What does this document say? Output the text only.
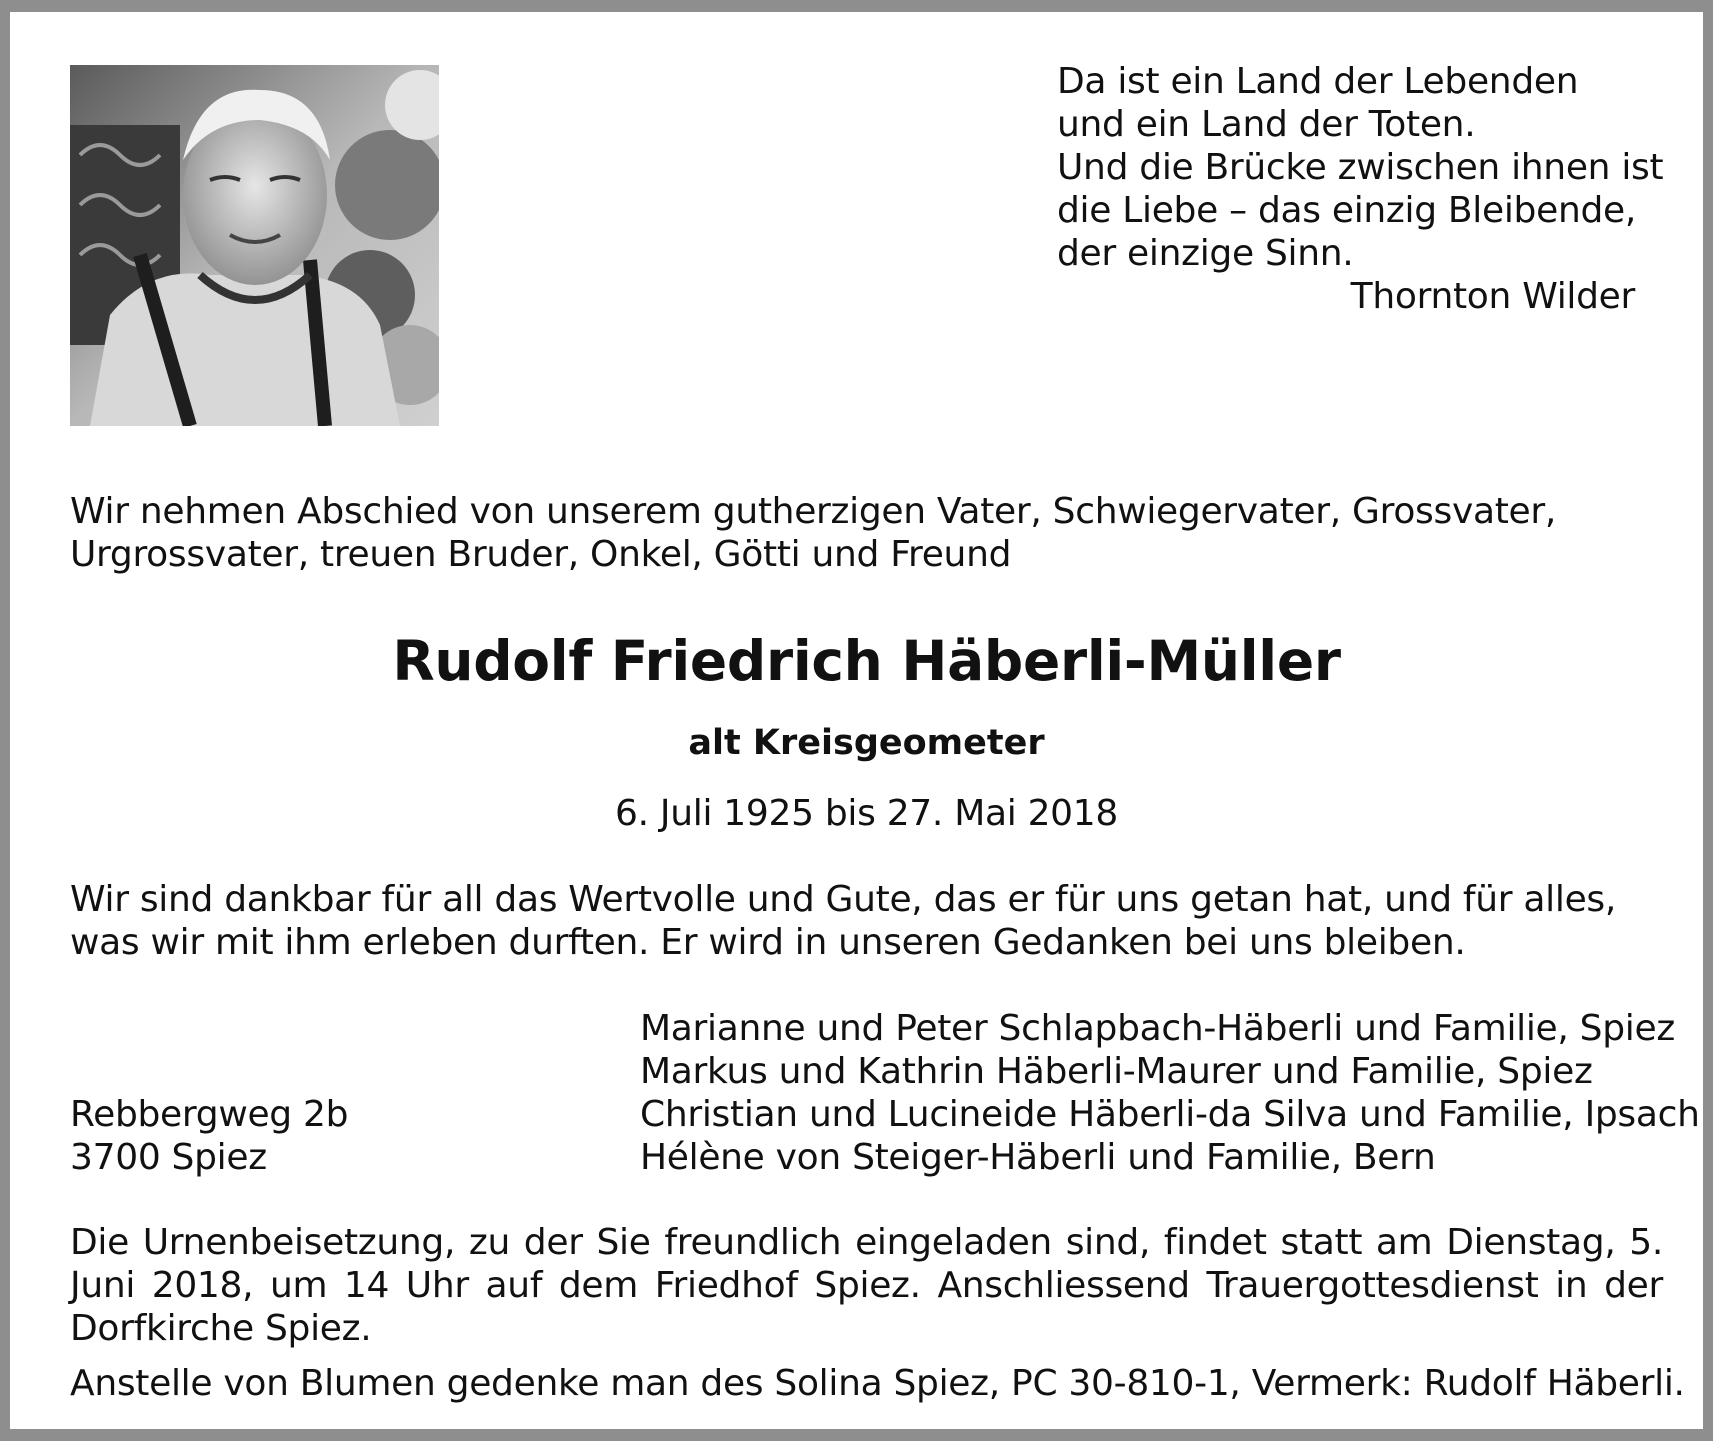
Da ist ein Land der Lebenden
und ein Land der Toten.
Und die Brücke zwischen ihnen ist
die Liebe – das einzig Bleibende,
der einzige Sinn.
Thornton Wilder
Wir nehmen Abschied von unserem gutherzigen Vater, Schwiegervater, Grossvater, Urgrossvater, treuen Bruder, Onkel, Götti und Freund
Rudolf Friedrich Häberli-Müller
alt Kreisgeometer
6. Juli 1925 bis 27. Mai 2018
Wir sind dankbar für all das Wertvolle und Gute, das er für uns getan hat, und für alles, was wir mit ihm erleben durften. Er wird in unseren Gedanken bei uns bleiben.
Rebbergweg 2b
3700 Spiez
Marianne und Peter Schlapbach-Häberli und Familie, Spiez
Markus und Kathrin Häberli-Maurer und Familie, Spiez
Christian und Lucineide Häberli-da Silva und Familie, Ipsach
Hélène von Steiger-Häberli und Familie, Bern
Die Urnenbeisetzung, zu der Sie freundlich eingeladen sind, findet statt am Dienstag, 5. Juni 2018, um 14 Uhr auf dem Friedhof Spiez. Anschliessend Trauergottesdienst in der Dorfkirche Spiez.
Anstelle von Blumen gedenke man des Solina Spiez, PC 30-810-1, Vermerk: Rudolf Häberli.
